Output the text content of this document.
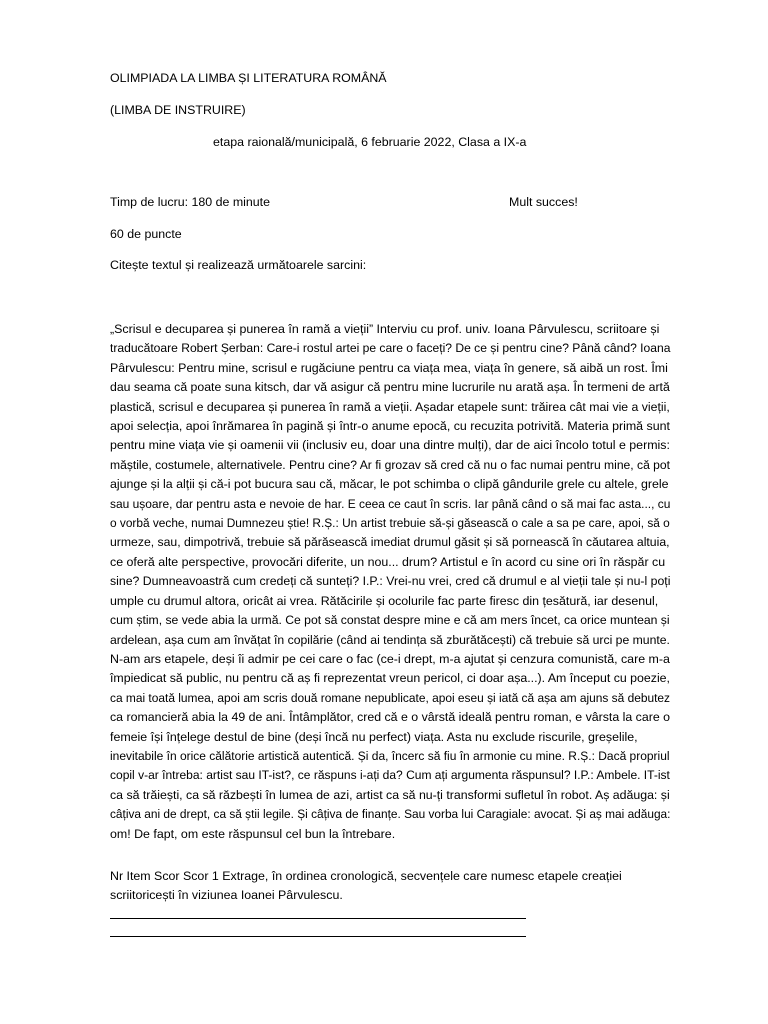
OLIMPIADA LA LIMBA ȘI LITERATURA ROMÂNĂ
(LIMBA DE INSTRUIRE)
etapa raională/municipală, 6 februarie 2022, Clasa a IX-a
Timp de lucru: 180 de minute	Mult succes!
60 de puncte
Citește textul și realizează următoarele sarcini:
„Scrisul e decuparea și punerea în ramă a vieții” Interviu cu prof. univ. Ioana Pârvulescu, scriitoare și
traducătoare Robert Șerban: Care-i rostul artei pe care o faceți? De ce și pentru cine? Până când? Ioana
Pârvulescu: Pentru mine, scrisul e rugăciune pentru ca viața mea, viața în genere, să aibă un rost. Îmi
dau seama că poate suna kitsch, dar vă asigur că pentru mine lucrurile nu arată așa. În termeni de artă
plastică, scrisul e decuparea și punerea în ramă a vieții. Așadar etapele sunt: trăirea cât mai vie a vieții,
apoi selecția, apoi înrămarea în pagină și într-o anume epocă, cu recuzita potrivită. Materia primă sunt
pentru mine viața vie și oamenii vii (inclusiv eu, doar una dintre mulți), dar de aici încolo totul e permis:
măștile, costumele, alternativele. Pentru cine? Ar fi grozav să cred că nu o fac numai pentru mine, că pot
ajunge și la alții și că-i pot bucura sau că, măcar, le pot schimba o clipă gândurile grele cu altele, grele
sau ușoare, dar pentru asta e nevoie de har. E ceea ce caut în scris. Iar până când o să mai fac asta..., cu
o vorbă veche, numai Dumnezeu știe! R.Ș.: Un artist trebuie să-și găsească o cale a sa pe care, apoi, să o
urmeze, sau, dimpotrivă, trebuie să părăsească imediat drumul găsit și să pornească în căutarea altuia,
ce oferă alte perspective, provocări diferite, un nou... drum? Artistul e în acord cu sine ori în răspăr cu
sine? Dumneavoastră cum credeți că sunteți? I.P.: Vrei-nu vrei, cred că drumul e al vieții tale și nu-l poți
umple cu drumul altora, oricât ai vrea. Rătăcirile și ocolurile fac parte firesc din țesătură, iar desenul,
cum știm, se vede abia la urmă. Ce pot să constat despre mine e că am mers încet, ca orice muntean și
ardelean, așa cum am învățat în copilărie (când ai tendința să zburătăcești) că trebuie să urci pe munte.
N-am ars etapele, deși îi admir pe cei care o fac (ce-i drept, m-a ajutat și cenzura comunistă, care m-a
împiedicat să public, nu pentru că aș fi reprezentat vreun pericol, ci doar așa...). Am început cu poezie,
ca mai toată lumea, apoi am scris două romane nepublicate, apoi eseu și iată că așa am ajuns să debutez
ca romancieră abia la 49 de ani. Întâmplător, cred că e o vârstă ideală pentru roman, e vârsta la care o
femeie își înțelege destul de bine (deși încă nu perfect) viața. Asta nu exclude riscurile, greșelile,
inevitabile în orice călătorie artistică autentică. Și da, încerc să fiu în armonie cu mine. R.Ș.: Dacă propriul
copil v-ar întreba: artist sau IT-ist?, ce răspuns i-ați da? Cum ați argumenta răspunsul? I.P.: Ambele. IT-ist
ca să trăiești, ca să răzbești în lumea de azi, artist ca să nu-ți transformi sufletul în robot. Aș adăuga: și
câțiva ani de drept, ca să știi legile. Și câțiva de finanțe. Sau vorba lui Caragiale: avocat. Și aș mai adăuga:
om! De fapt, om este răspunsul cel bun la întrebare.
Nr Item Scor Scor 1 Extrage, în ordinea cronologică, secvențele care numesc etapele creației
scriitoricești în viziunea Ioanei Pârvulescu.
